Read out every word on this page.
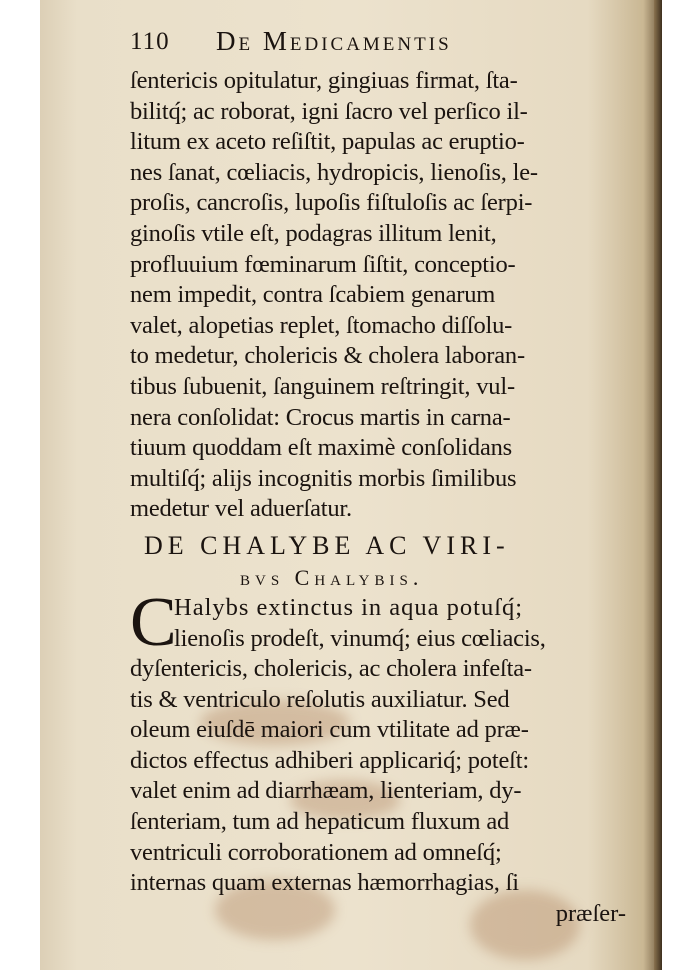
110 De Medicamentis
ſentericis opitulatur, gingiuas firmat, ſta-
bilitq́; ac roborat, igni ſacro vel perſico il-
litum ex aceto reſiſtit, papulas ac eruptio-
nes ſanat, cœliacis, hydropicis, lienoſis, le-
proſis, cancroſis, lupoſis fiſtuloſis ac ſerpi-
ginoſis vtile eſt, podagras illitum lenit,
profluuium fœminarum ſiſtit, conceptio-
nem impedit, contra ſcabiem genarum
valet, alopetias replet, ſtomacho diſſolu-
to medetur, cholericis & cholera laboran-
tibus ſubuenit, ſanguinem reſtringit, vul-
nera conſolidat: Crocus martis in carna-
tiuum quoddam eſt maximè conſolidans
multiſq́; alijs incognitis morbis ſimilibus
medetur vel aduerſatur.
DE CHALYBE AC VIRI-
bvs Chalybis.
C
Halybs extinctus in aqua potuſq́;
lienoſis prodeſt, vinumq́; eius cœliacis,
dyſentericis, cholericis, ac cholera infeſta-
tis & ventriculo reſolutis auxiliatur. Sed
oleum eiuſdē maiori cum vtilitate ad præ-
dictos effectus adhiberi applicariq́; poteſt:
valet enim ad diarrhæam, lienteriam, dy-
ſenteriam, tum ad hepaticum fluxum ad
ventriculi corroborationem ad omneſq́;
internas quam externas hæmorrhagias, ſi
præſer-
